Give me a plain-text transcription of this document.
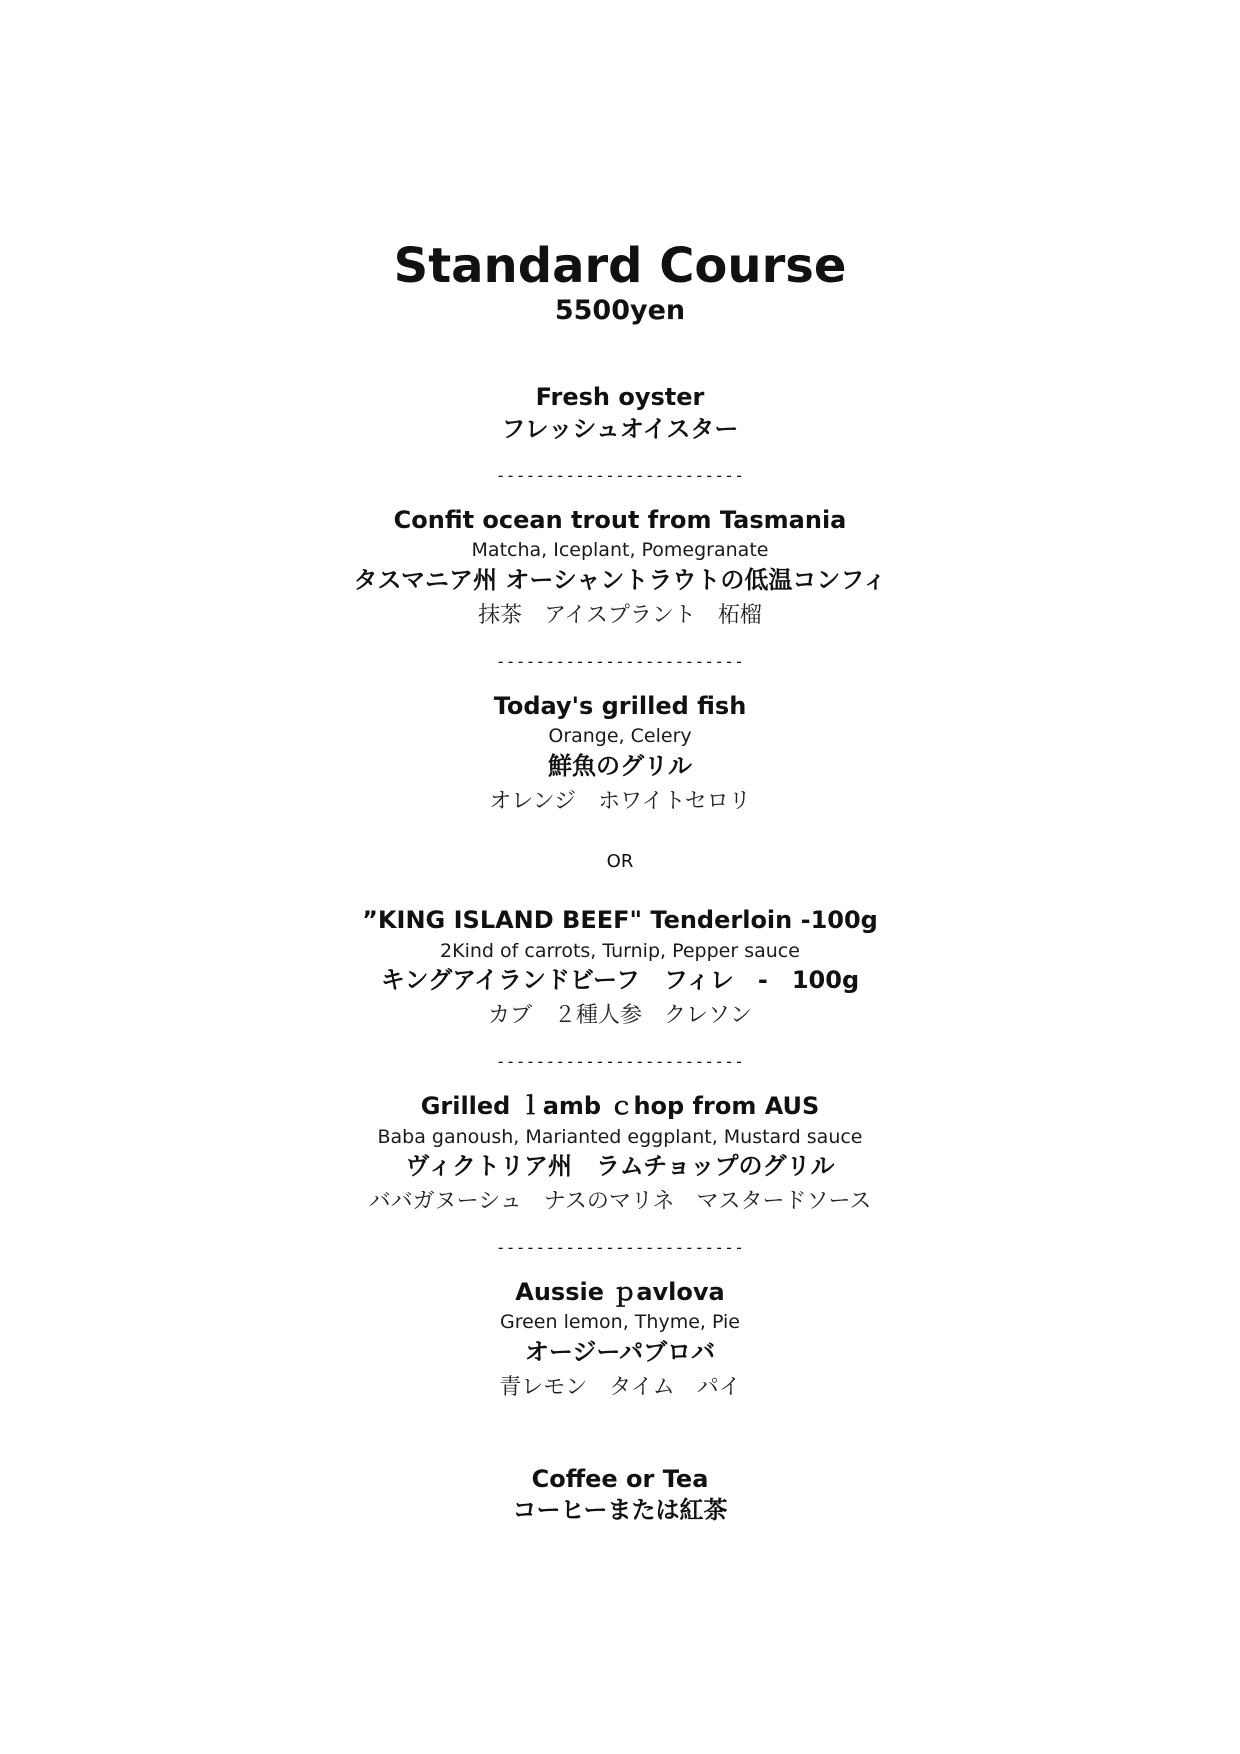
Standard Course
5500yen
Fresh oyster
フレッシュオイスター
-------------------------
Confit ocean trout from Tasmania
Matcha, Iceplant, Pomegranate
タスマニア州 オーシャントラウトの低温コンフィ
抹茶　アイスプラント　柘榴
-------------------------
Today's grilled fish
Orange, Celery
鮮魚のグリル
オレンジ　ホワイトセロリ
OR
”KING ISLAND BEEF" Tenderloin -100g
2Kind of carrots, Turnip, Pepper sauce
キングアイランドビーフ　フィレ　-　100g
カブ　２種人参　クレソン
-------------------------
Grilled ｌamb ｃhop from AUS
Baba ganoush, Marianted eggplant, Mustard sauce
ヴィクトリア州　ラムチョップのグリル
ババガヌーシュ　ナスのマリネ　マスタードソース
-------------------------
Aussie ｐavlova
Green lemon, Thyme, Pie
オージーパブロバ
青レモン　タイム　パイ
Coffee or Tea
コーヒーまたは紅茶
